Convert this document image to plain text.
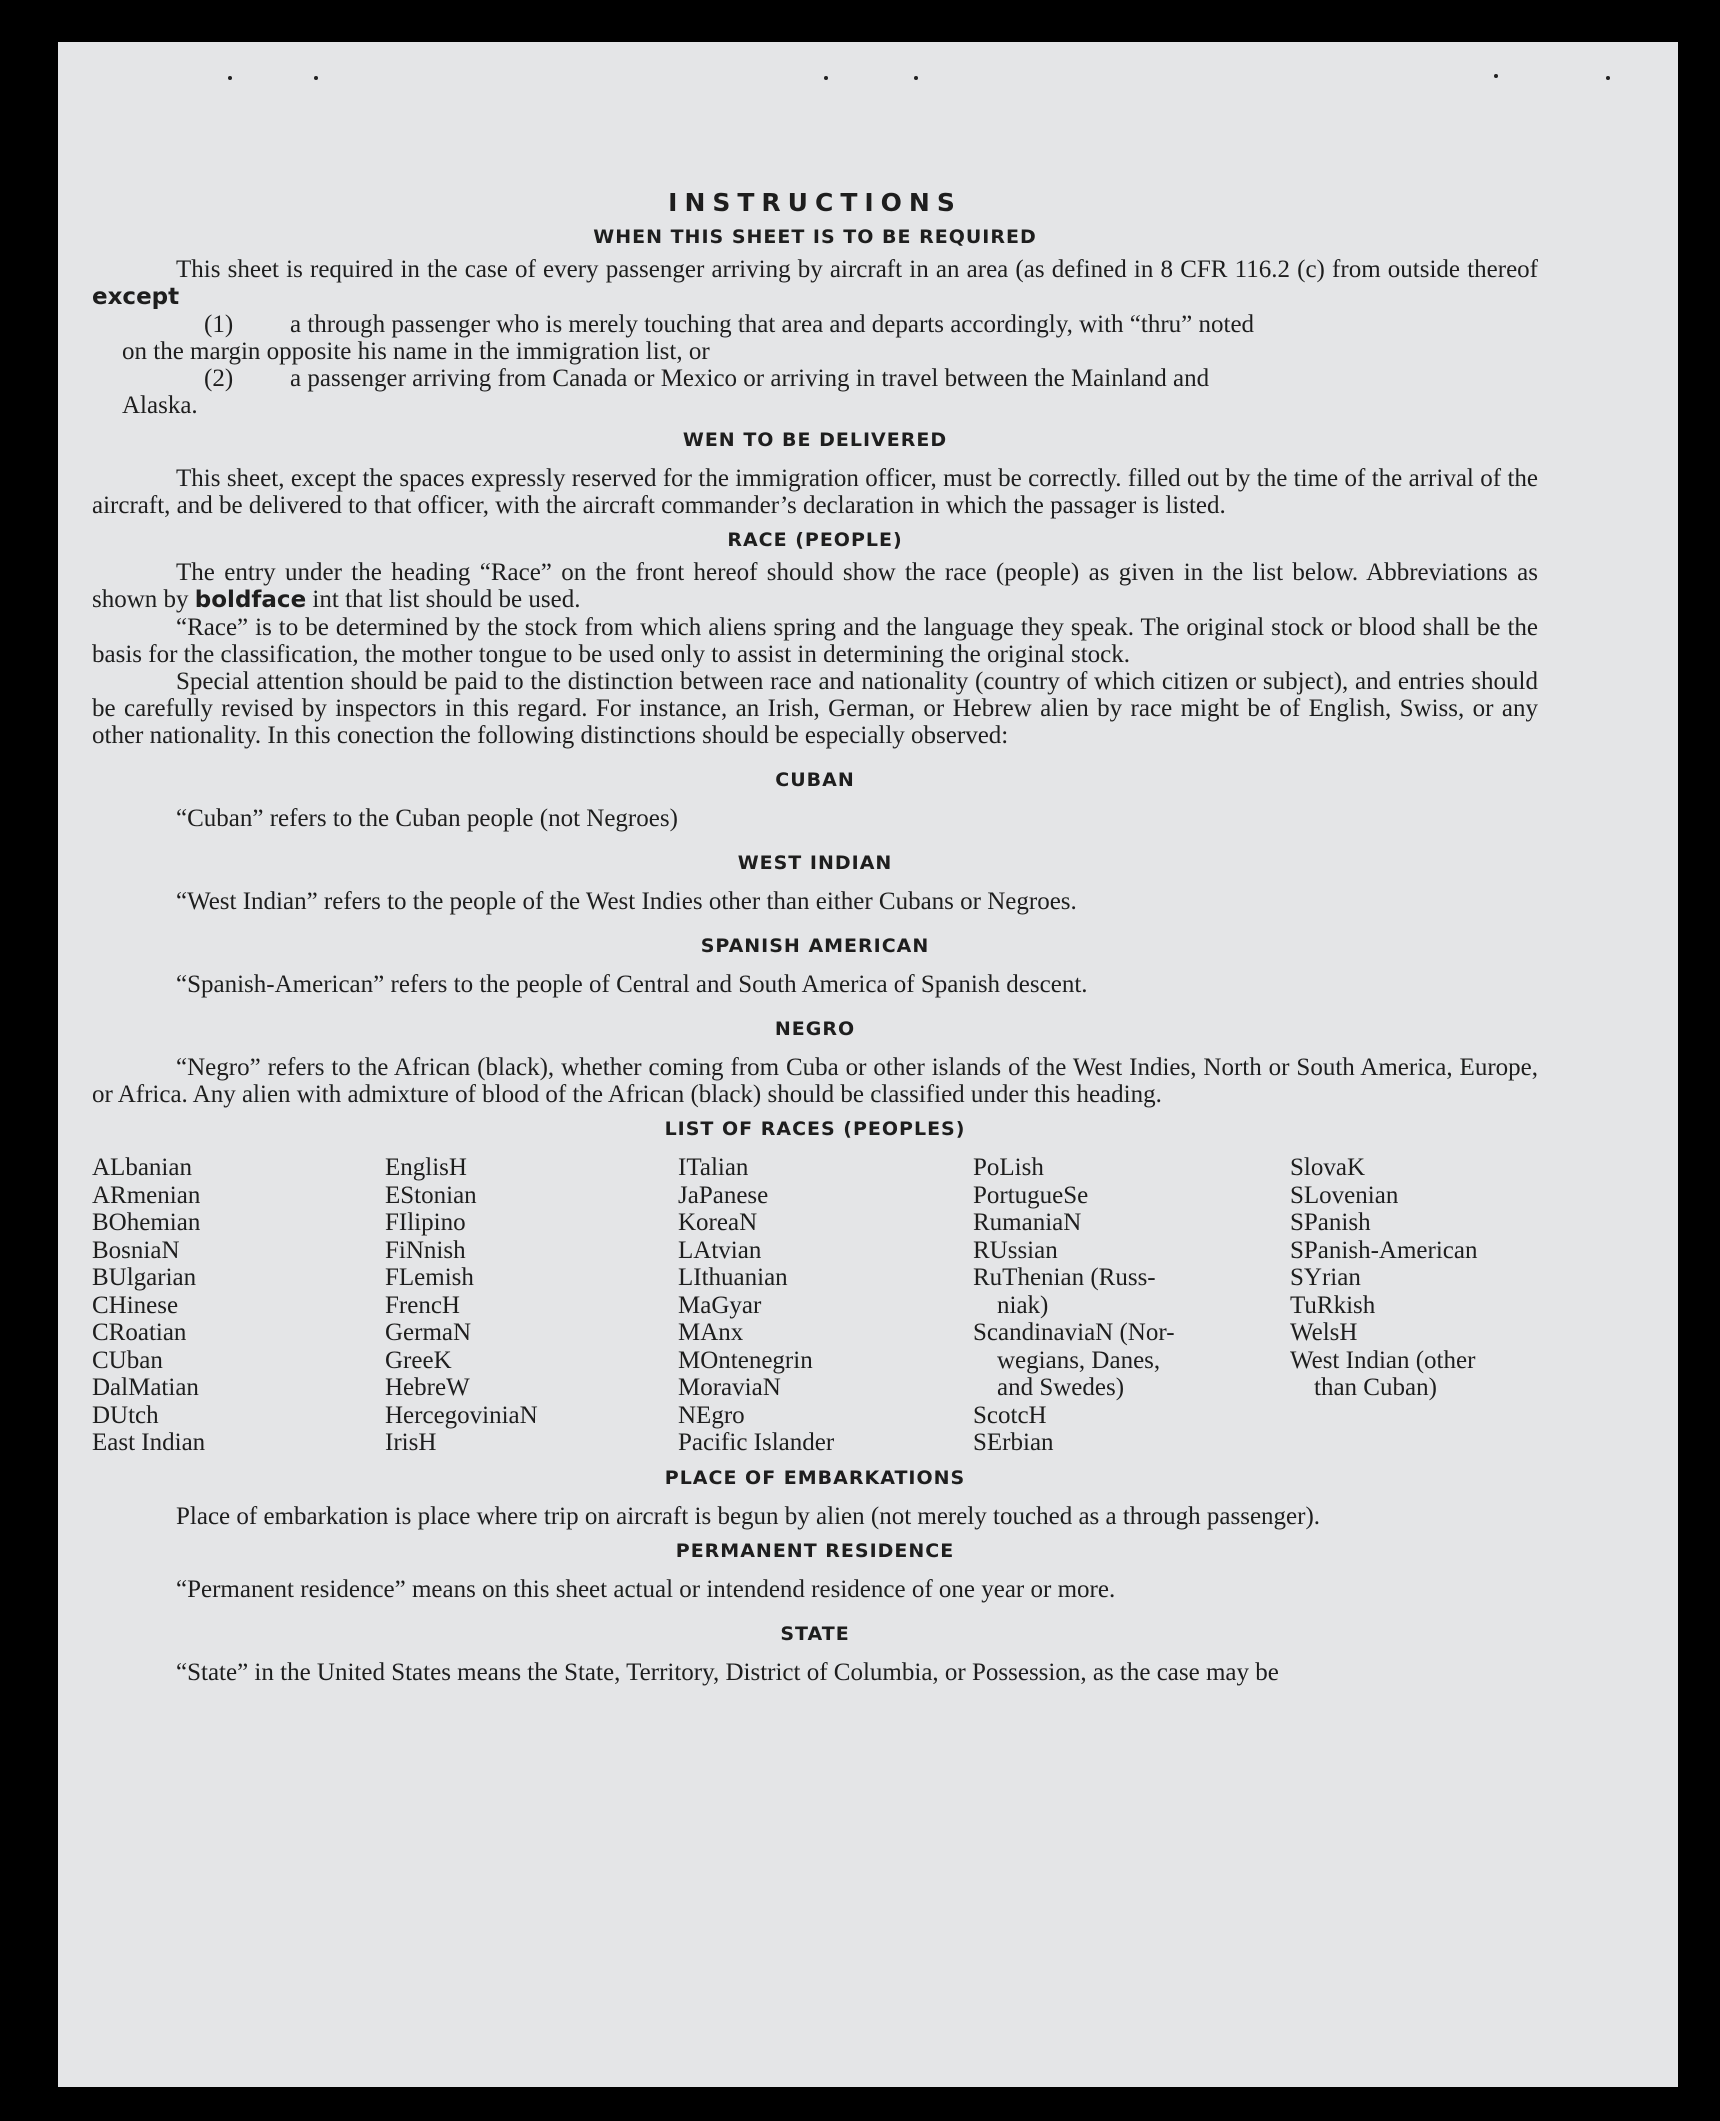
INSTRUCTIONS
WHEN THIS SHEET IS TO BE REQUIRED

This sheet is required in the case of every passenger arriving by aircraft in an area (as defined in 8 CFR 116.2 (c) from outside thereof except

(1) a through passenger who is merely touching that area and departs accordingly, with “thru” noted

on the margin opposite his name in the immigration list, or

(2) a passenger arriving from Canada or Mexico or arriving in travel between the Mainland and

Alaska.

WEN TO BE DELIVERED

This sheet, except the spaces expressly reserved for the immigration officer, must be correctly. filled out by the time of the arrival of the aircraft, and be delivered to that officer, with the aircraft commander’s declaration in which the passager is listed.

RACE (PEOPLE)

The entry under the heading “Race” on the front hereof should show the race (people) as given in the list below. Abbreviations as shown by boldface int that list should be used.

“Race” is to be determined by the stock from which aliens spring and the language they speak. The original stock or blood shall be the basis for the classification, the mother tongue to be used only to assist in determining the original stock.

Special attention should be paid to the distinction between race and nationality (country of which citizen or subject), and entries should be carefully revised by inspectors in this regard. For instance, an Irish, German, or Hebrew alien by race might be of English, Swiss, or any other nationality. In this conection the following distinctions should be especially observed:

CUBAN

“Cuban” refers to the Cuban people (not Negroes)

WEST INDIAN

“West Indian” refers to the people of the West Indies other than either Cubans or Negroes.

SPANISH AMERICAN

“Spanish-American” refers to the people of Central and South America of Spanish descent.

NEGRO

“Negro” refers to the African (black), whether coming from Cuba or other islands of the West Indies, North or South America, Europe, or Africa. Any alien with admixture of blood of the African (black) should be classified under this heading.

LIST OF RACES (PEOPLES)
ALbanian
ARmenian
BOhemian
BosniaN
BUlgarian
CHinese
CRoatian
CUban
DalMatian
DUtch
East Indian
EnglisH
EStonian
FIlipino
FiNnish
FLemish
FrencH
GermaN
GreeK
HebreW
HercegoviniaN
IrisH
ITalian
JaPanese
KoreaN
LAtvian
LIthuanian
MaGyar
MAnx
MOntenegrin
MoraviaN
NEgro
Pacific Islander
PoLish
PortugueSe
RumaniaN
RUssian
RuThenian (Russ-
niak)
ScandinaviaN (Nor-
wegians, Danes,
and Swedes)
ScotcH
SErbian
SlovaK
SLovenian
SPanish
SPanish-American
SYrian
TuRkish
WelsH
West Indian (other
than Cuban)
PLACE OF EMBARKATIONS

Place of embarkation is place where trip on aircraft is begun by alien (not merely touched as a through passenger).

PERMANENT RESIDENCE

“Permanent residence” means on this sheet actual or intendend residence of one year or more.

STATE

“State” in the United States means the State, Territory, District of Columbia, or Possession, as the case may be
